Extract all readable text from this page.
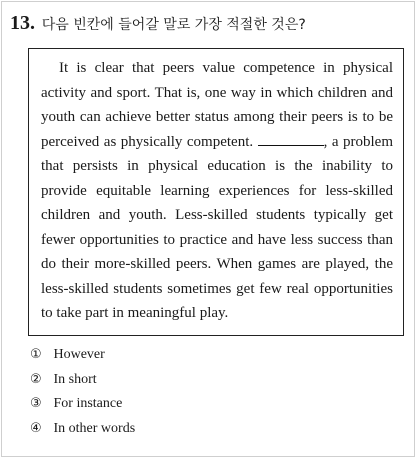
13. 다음 빈칸에 들어갈 말로 가장 적절한 것은?

It is clear that peers value competence in physical activity and sport. That is, one way in which children and youth can achieve better status among their peers is to be perceived as physically competent.	, a problem that persists in physical education is the inability to provide equitable learning experiences for less-skilled children and youth. Less-skilled students typically get fewer opportunities to practice and have less success than do their more-skilled peers. When games are played, the less-skilled students sometimes get few real opportunities to take part in meaningful play.

① However
② In short
③ For instance
④ In other words
